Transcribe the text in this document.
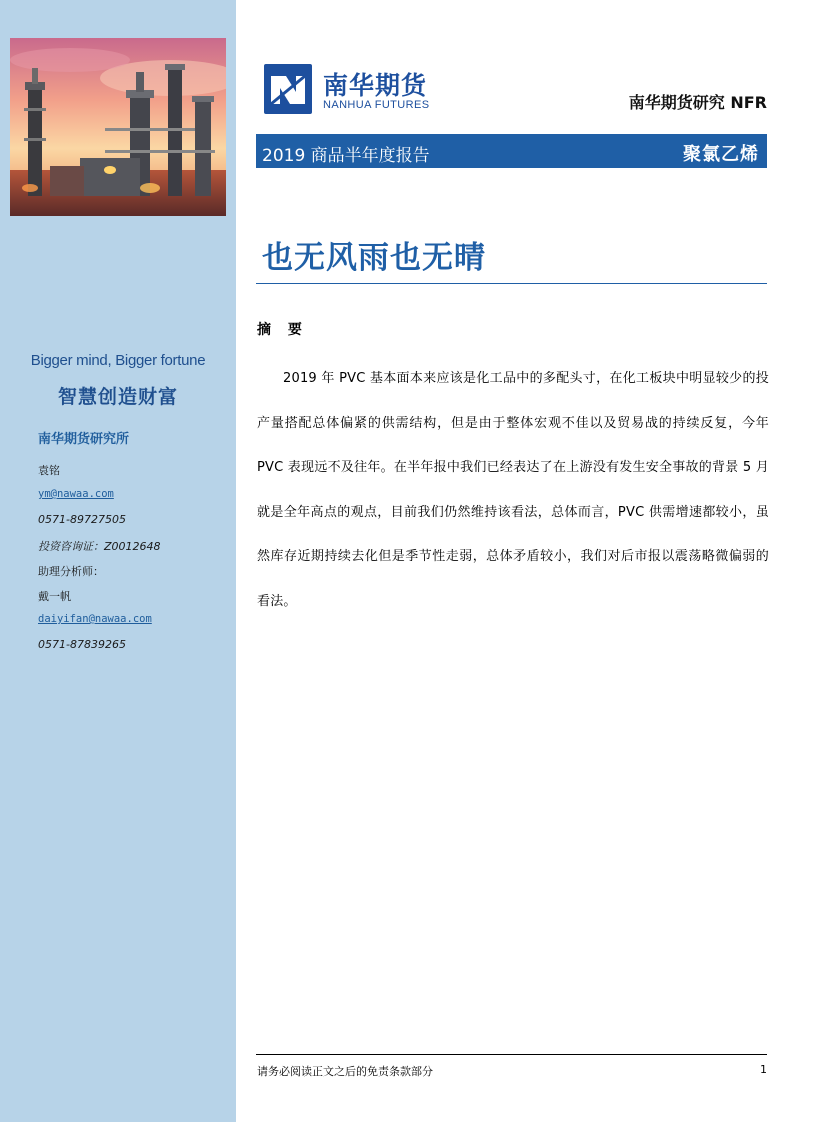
Bigger mind, Bigger fortune
智慧创造财富
南华期货研究所
袁铭
ym@nawaa.com
0571-89727505
投资咨询证：Z0012648
助理分析师：
戴一帆
daiyifan@nawaa.com
0571-87839265
南华期货
NANHUA FUTURES	南华期货研究 NFR
2019 商品半年度报告	聚氯乙烯
也无风雨也无晴
摘 要
2019 年 PVC 基本面本来应该是化工品中的多配头寸，在化工板块中明显较少的投产量搭配总体偏紧的供需结构，但是由于整体宏观不佳以及贸易战的持续反复，今年 PVC 表现远不及往年。在半年报中我们已经表达了在上游没有发生安全事故的背景 5 月就是全年高点的观点，目前我们仍然维持该看法，总体而言，PVC 供需增速都较小，虽然库存近期持续去化但是季节性走弱，总体矛盾较小，我们对后市报以震荡略微偏弱的看法。
请务必阅读正文之后的免责条款部分	1
